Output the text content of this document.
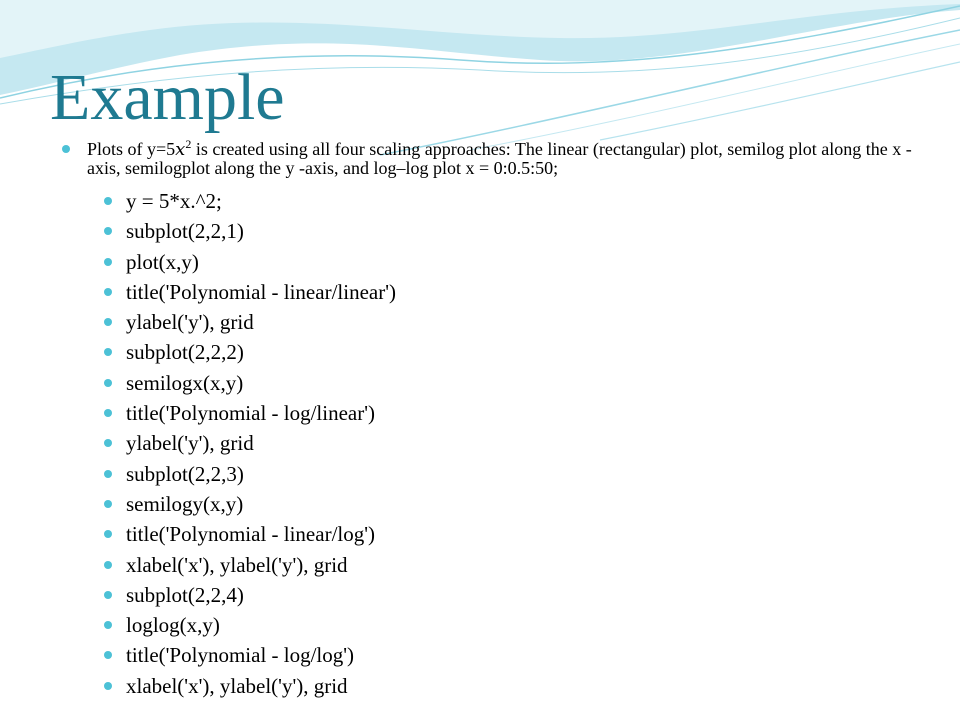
Example
Plots of $y=5x^2$ is created using all four scaling approaches: The linear (rectangular) plot, semilog plot along the x -axis, semilogplot along the y -axis, and log–log plot x = 0:0.5:50;
y = 5*x.^2;
subplot(2,2,1)
plot(x,y)
title('Polynomial - linear/linear')
ylabel('y'), grid
subplot(2,2,2)
semilogx(x,y)
title('Polynomial - log/linear')
ylabel('y'), grid
subplot(2,2,3)
semilogy(x,y)
title('Polynomial - linear/log')
xlabel('x'), ylabel('y'), grid
subplot(2,2,4)
loglog(x,y)
title('Polynomial - log/log')
xlabel('x'), ylabel('y'), grid
